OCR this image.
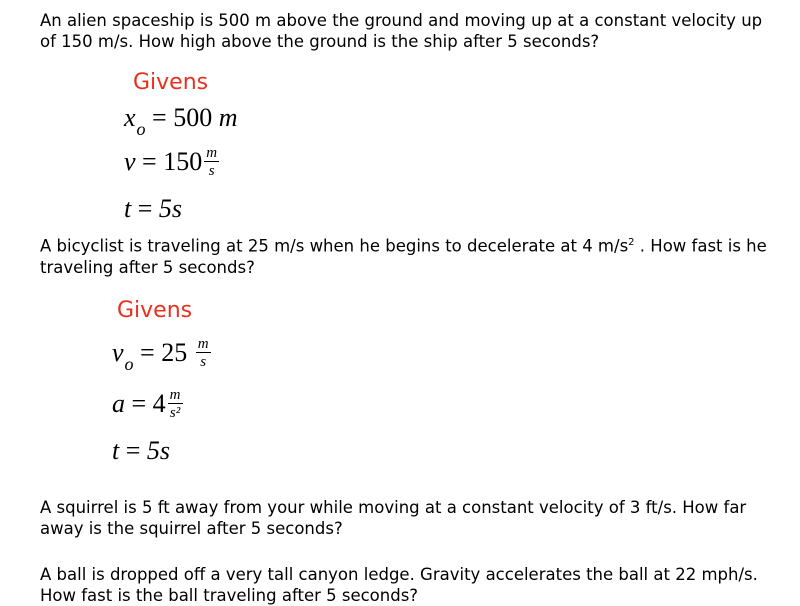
An alien spaceship is 500 m above the ground and moving up at a constant velocity up of 150 m/s. How high above the ground is the ship after 5 seconds?

Givens
$x_o = 500$ m
$v = 150 \frac{m}{s}$
t = 5s

A bicyclist is traveling at 25 m/s when he begins to decelerate at 4 $m/s^2$ . How fast is he traveling after 5 seconds?

Givens
$v_o = 25 \frac{m}{s}$
$a = 4 \frac{m}{\text{s²}}$
t = 5s

A squirrel is 5 ft away from your while moving at a constant velocity of 3 ft/s. How far away is the squirrel after 5 seconds?

A ball is dropped off a very tall canyon ledge. Gravity accelerates the ball at 22 mph/s. How fast is the ball traveling after 5 seconds?
